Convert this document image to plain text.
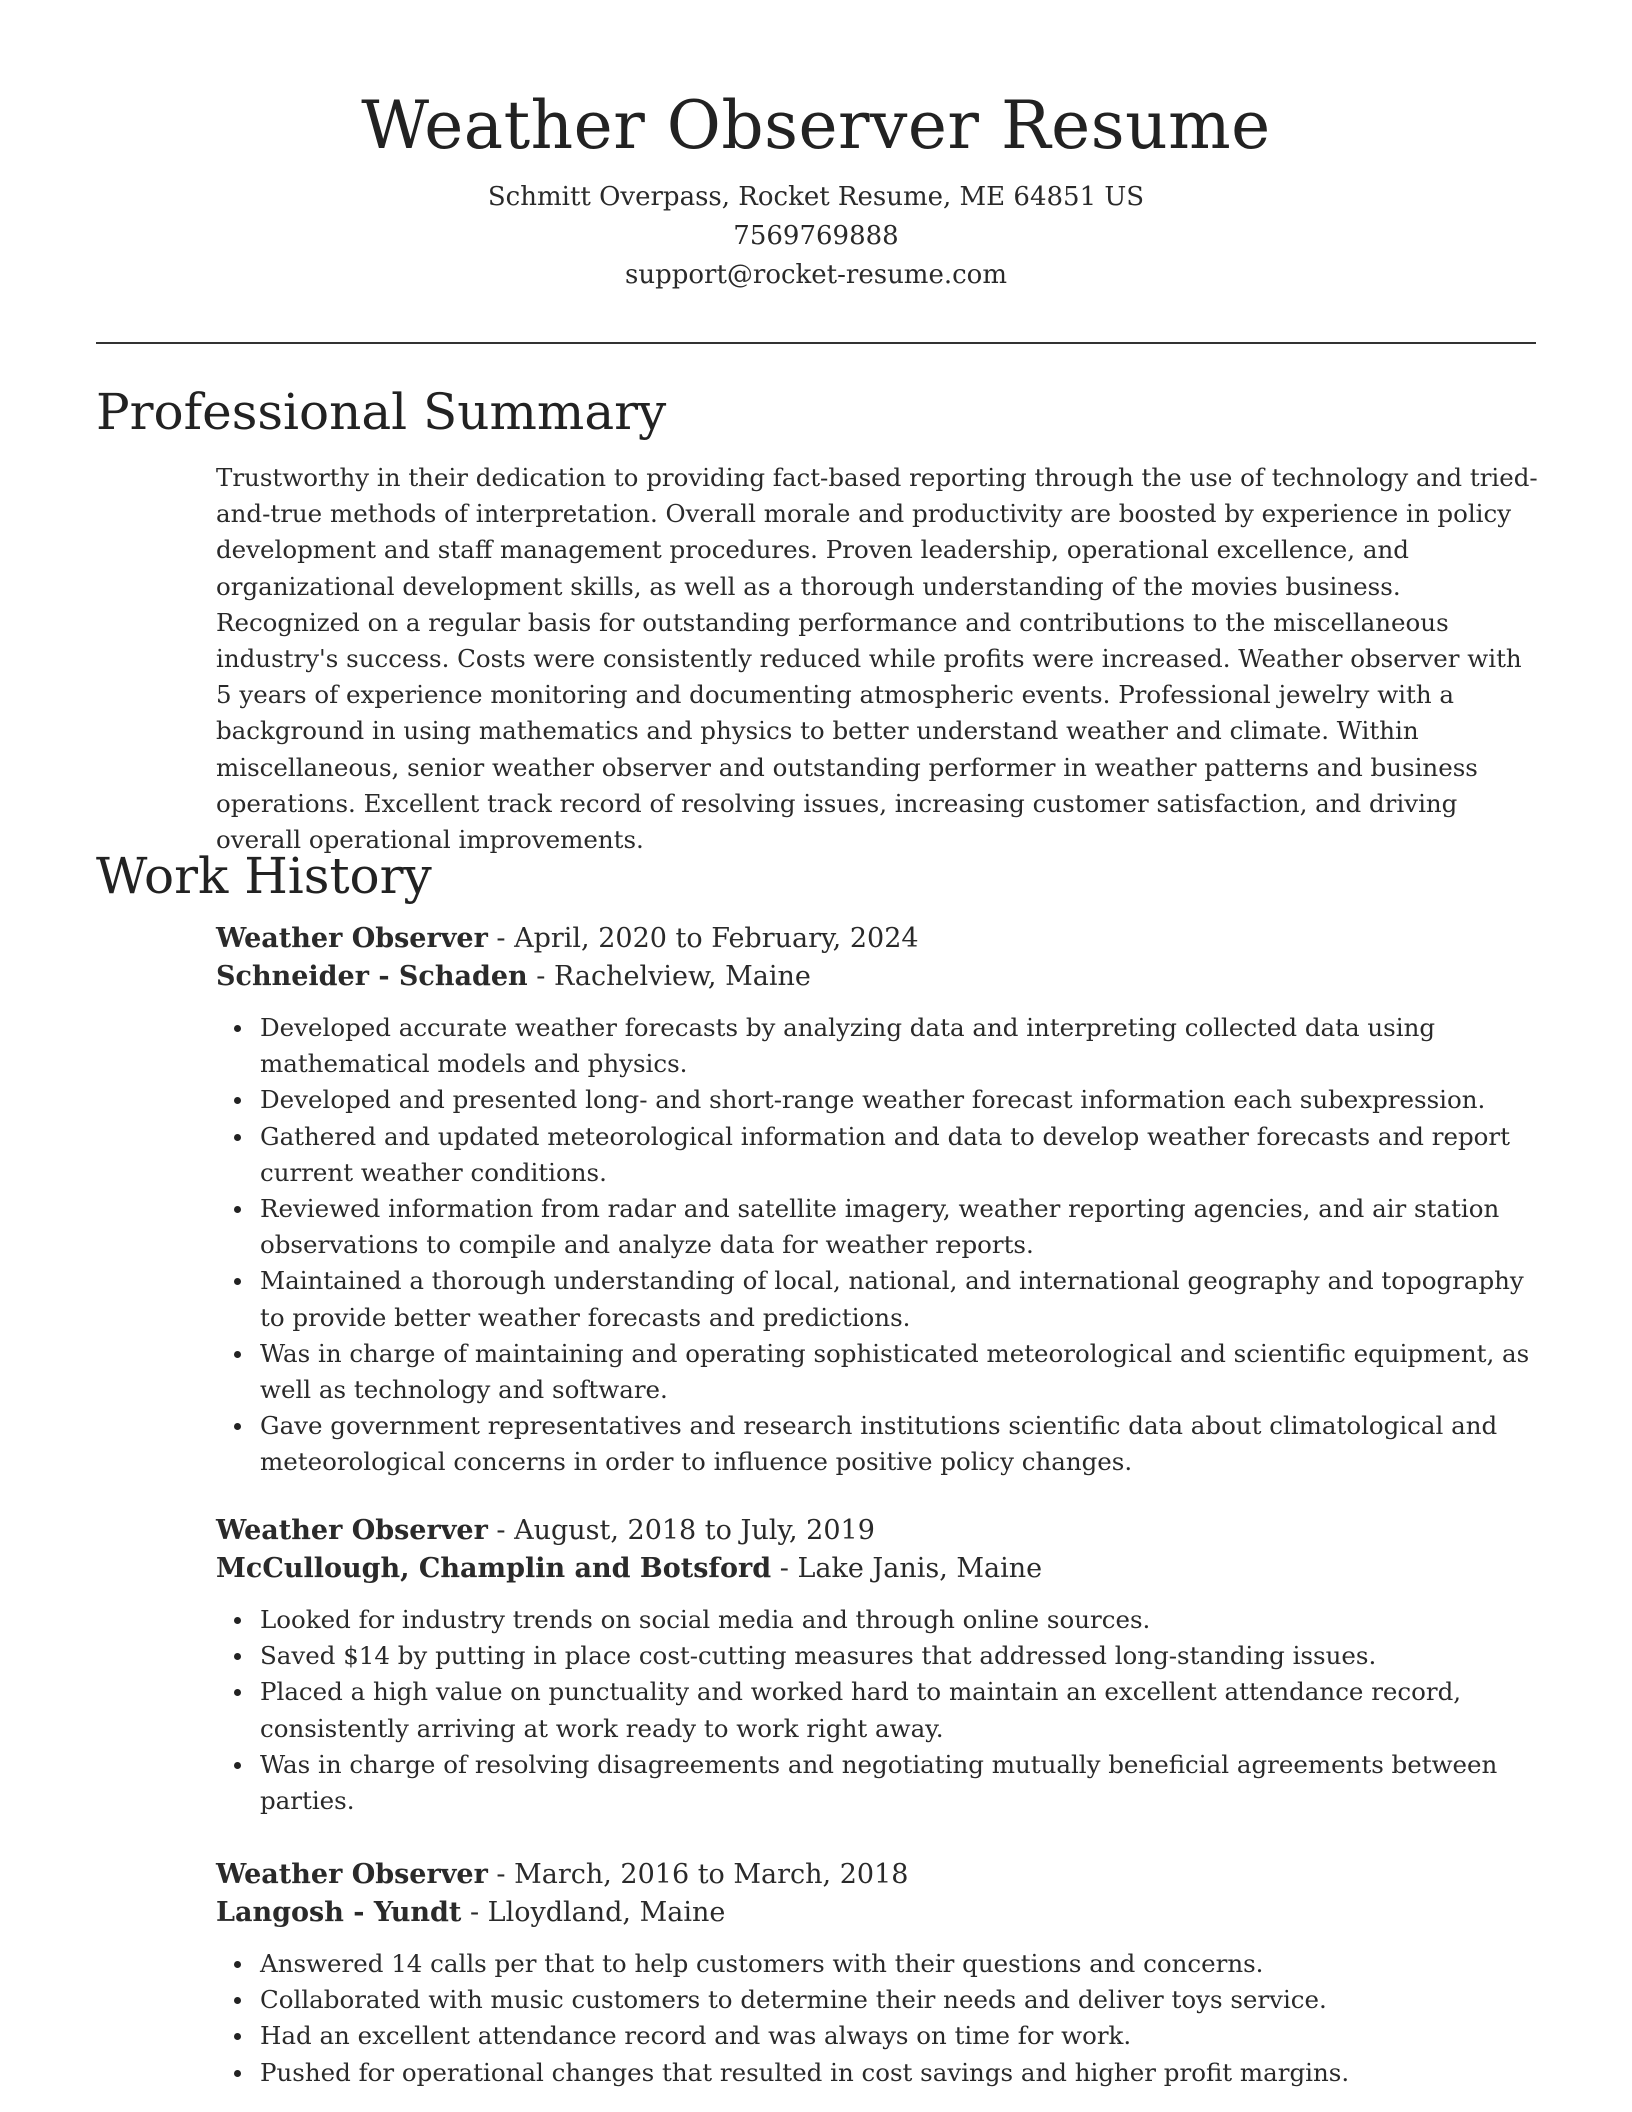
Weather Observer Resume

Schmitt Overpass, Rocket Resume, ME 64851 US

7569769888

support@rocket-resume.com

Professional Summary

Trustworthy in their dedication to providing fact-based reporting through the use of technology and tried-and-true methods of interpretation. Overall morale and productivity are boosted by experience in policy development and staff management procedures. Proven leadership, operational excellence, and organizational development skills, as well as a thorough understanding of the movies business. Recognized on a regular basis for outstanding performance and contributions to the miscellaneous industry's success. Costs were consistently reduced while profits were increased. Weather observer with 5 years of experience monitoring and documenting atmospheric events. Professional jewelry with a background in using mathematics and physics to better understand weather and climate. Within miscellaneous, senior weather observer and outstanding performer in weather patterns and business operations. Excellent track record of resolving issues, increasing customer satisfaction, and driving overall operational improvements.

Work History

Weather Observer - April, 2020 to February, 2024

Schneider - Schaden - Rachelview, Maine

Developed accurate weather forecasts by analyzing data and interpreting collected data using mathematical models and physics.
Developed and presented long- and short-range weather forecast information each subexpression.
Gathered and updated meteorological information and data to develop weather forecasts and report current weather conditions.
Reviewed information from radar and satellite imagery, weather reporting agencies, and air station observations to compile and analyze data for weather reports.
Maintained a thorough understanding of local, national, and international geography and topography to provide better weather forecasts and predictions.
Was in charge of maintaining and operating sophisticated meteorological and scientific equipment, as well as technology and software.
Gave government representatives and research institutions scientific data about climatological and meteorological concerns in order to influence positive policy changes.

Weather Observer - August, 2018 to July, 2019

McCullough, Champlin and Botsford - Lake Janis, Maine

Looked for industry trends on social media and through online sources.
Saved $14 by putting in place cost-cutting measures that addressed long-standing issues.
Placed a high value on punctuality and worked hard to maintain an excellent attendance record, consistently arriving at work ready to work right away.
Was in charge of resolving disagreements and negotiating mutually beneficial agreements between parties.

Weather Observer - March, 2016 to March, 2018

Langosh - Yundt - Lloydland, Maine

Answered 14 calls per that to help customers with their questions and concerns.
Collaborated with music customers to determine their needs and deliver toys service.
Had an excellent attendance record and was always on time for work.
Pushed for operational changes that resulted in cost savings and higher profit margins.
